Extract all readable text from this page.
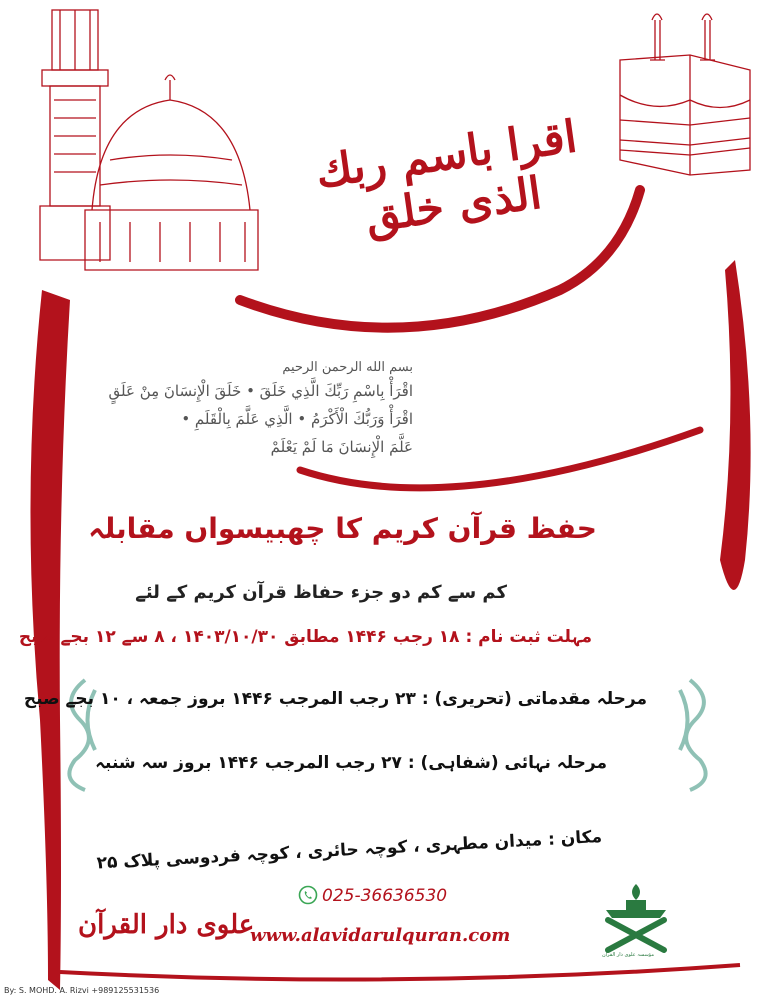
اقرا باسم ربك الذی خلق
بسم الله الرحمن الرحيم
اقْرَأْ بِاسْمِ رَبِّكَ الَّذِي خَلَقَ • خَلَقَ الْإِنسَانَ مِنْ عَلَقٍ
اقْرَأْ وَرَبُّكَ الْأَكْرَمُ • الَّذِي عَلَّمَ بِالْقَلَمِ •
عَلَّمَ الْإِنسَانَ مَا لَمْ يَعْلَمْ
حفظ قرآن کریم کا چھبیسواں مقابلہ
کم سے کم دو جزء حفاظ قرآن کریم کے لئے
مہلت ثبت نام : ۱۸ رجب ۱۴۴۶ مطابق ۱۴۰۳/۱۰/۳۰ ، ۸ سے ۱۲ بجے صبح
مرحلہ مقدماتی (تحریری) : ۲۳ رجب المرجب ۱۴۴۶ بروز جمعہ ، ۱۰ بجے صبح
مرحلہ نہائی (شفاہی) : ۲۷ رجب المرجب ۱۴۴۶ بروز سہ شنبہ
مکان : میدان مطہری ، کوچہ حائری ، کوچہ فردوسی پلاک ۲۵
025-36636530
www.alavidarulquran.com
علوی دار القرآن
مؤسسہ علوی دار القرآن
By: S. MOHD. A. Rizvi +989125531536
